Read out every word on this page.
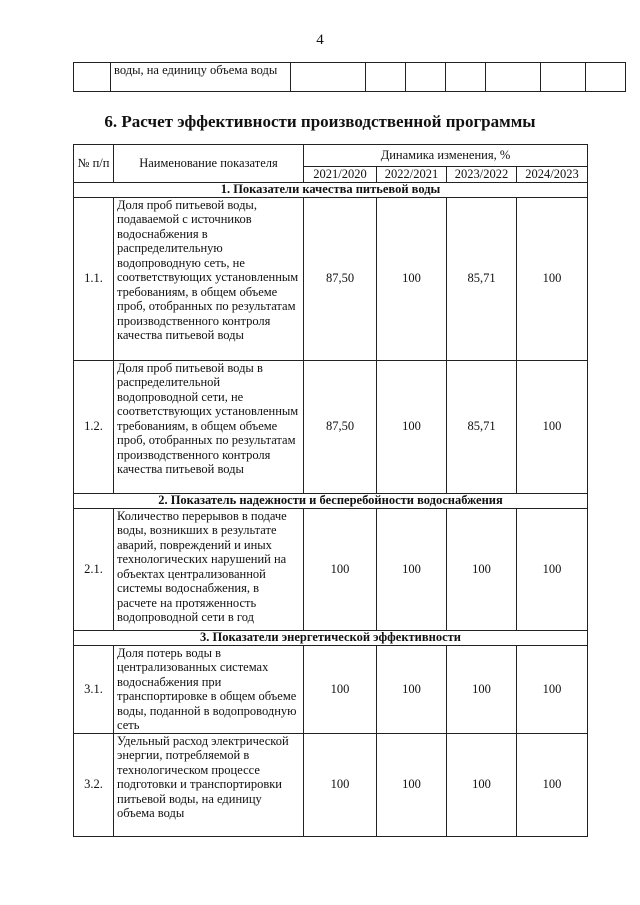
4
	воды, на единицу объема воды							
6. Расчет эффективности производственной программы
№ п/п	Наименование показателя	Динамика изменения, %			
		2021/2020	2022/2021	2023/2022	2024/2023
1. Показатели качества питьевой воды					
1.1.	Доля проб питьевой воды, подаваемой с источников водоснабжения в распределительную водопроводную сеть, не соответствующих установленным требованиям, в общем объеме проб, отобранных по результатам производственного контроля качества питьевой воды	87,50	100	85,71	100
1.2.	Доля проб питьевой воды в распределительной водопроводной сети, не соответствующих установленным требованиям, в общем объеме проб, отобранных по результатам производственного контроля качества питьевой воды	87,50	100	85,71	100
2. Показатель надежности и бесперебойности водоснабжения					
2.1.	Количество перерывов в подаче воды, возникших в результате аварий, повреждений и иных технологических нарушений на объектах централизованной системы водоснабжения, в расчете на протяженность водопроводной сети в год	100	100	100	100
3. Показатели энергетической эффективности					
3.1.	Доля потерь воды в централизованных системах водоснабжения при транспортировке в общем объеме воды, поданной в водопроводную сеть	100	100	100	100
3.2.	Удельный расход электрической энергии, потребляемой в технологическом процессе подготовки и транспортировки питьевой воды, на единицу объема воды	100	100	100	100
